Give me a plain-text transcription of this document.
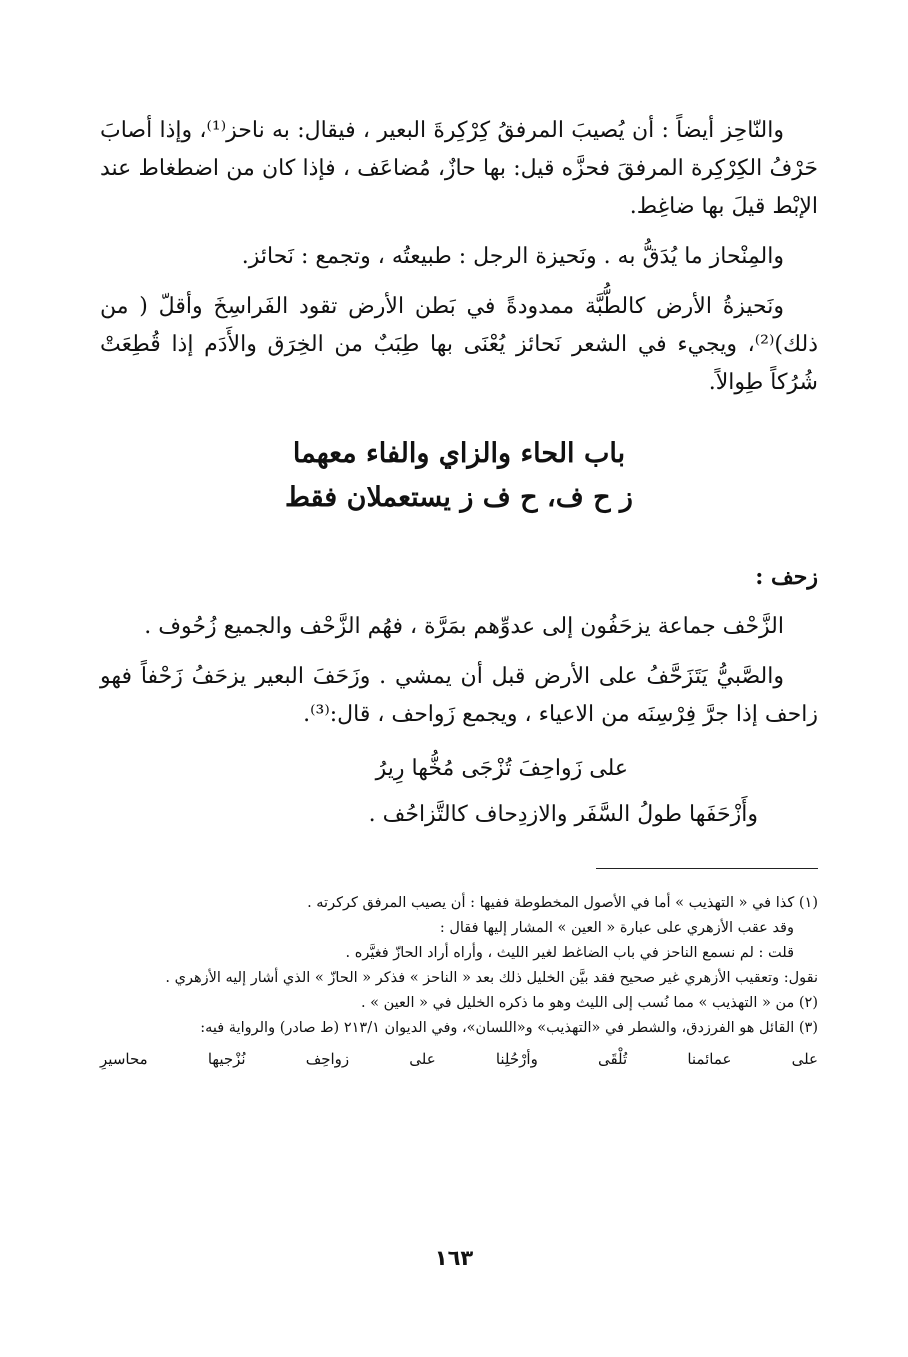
والنّاحِز أيضاً : أن يُصيبَ المرفقُ كِرْكِرةَ البعير ، فيقال: به ناحز⁽¹⁾، وإذا أصابَ حَرْفُ الكِرْكِرة المرفقَ فحزَّه قيل: بها حازٌ، مُضاعَف ، فإذا كان من اضطغاط عند الإبْط قيلَ بها ضاغِط.

والمِنْحاز ما يُدَقُّ به . ونَحيزة الرجل : طبيعتُه ، وتجمع : نَحائز.

ونَحيزةُ الأرض كالطُّبَّة ممدودةً في بَطن الأرض تقود الفَراسِخَ وأقلّ ( من ذلك)⁽²⁾، ويجيء في الشعر نَحائز يُعْنَى بها طِبَبٌ من الخِرَق والأَدَم إذا قُطِعَتْ شُرُكاً طِوالاً.

باب الحاء والزاي والفاء معهما

ز ح ف، ح ف ز يستعملان فقط

زحف :

الزَّحْف جماعة يزحَفُون إلى عدوِّهم بمَرَّة ، فهُم الزَّحْف والجميع زُحُوف .

والصَّبيُّ يَتَزَحَّفُ على الأرض قبل أن يمشي . وزَحَفَ البعير يزحَفُ زَحْفاً فهو زاحف إذا جرَّ فِرْسِنَه من الاعياء ، ويجمع زَواحف ، قال:⁽³⁾.

على زَواحِفَ تُزْجَى مُخُّها رِيرُ

وأَزْحَفَها طولُ السَّفَر والازدِحاف كالتَّزاحُف .

(١) كذا في « التهذيب » أما في الأصول المخطوطة ففيها : أن يصيب المرفق كركرته .

وقد عقب الأزهري على عبارة « العين » المشار إليها فقال :

قلت : لم نسمع الناحز في باب الضاغط لغير الليث ، وأراه أراد الحازّ فغيَّره .

نقول: وتعقيب الأزهري غير صحيح فقد بيَّن الخليل ذلك بعد « الناحز » فذكر « الحازّ » الذي أشار إليه الأزهري .

(٢) من « التهذيب » مما نُسب إلى الليث وهو ما ذكره الخليل في « العين » .

(٣) القائل هو الفرزدق، والشطر في «التهذيب» و«اللسان»، وفي الديوان ٢١٣/١ (ط صادر) والرواية فيه:

على
عمائمنا
تُلْقَى
وأرْحُلِنا
على
زواحِف
نُزْجيها
محاسيرِ
١٦٣
